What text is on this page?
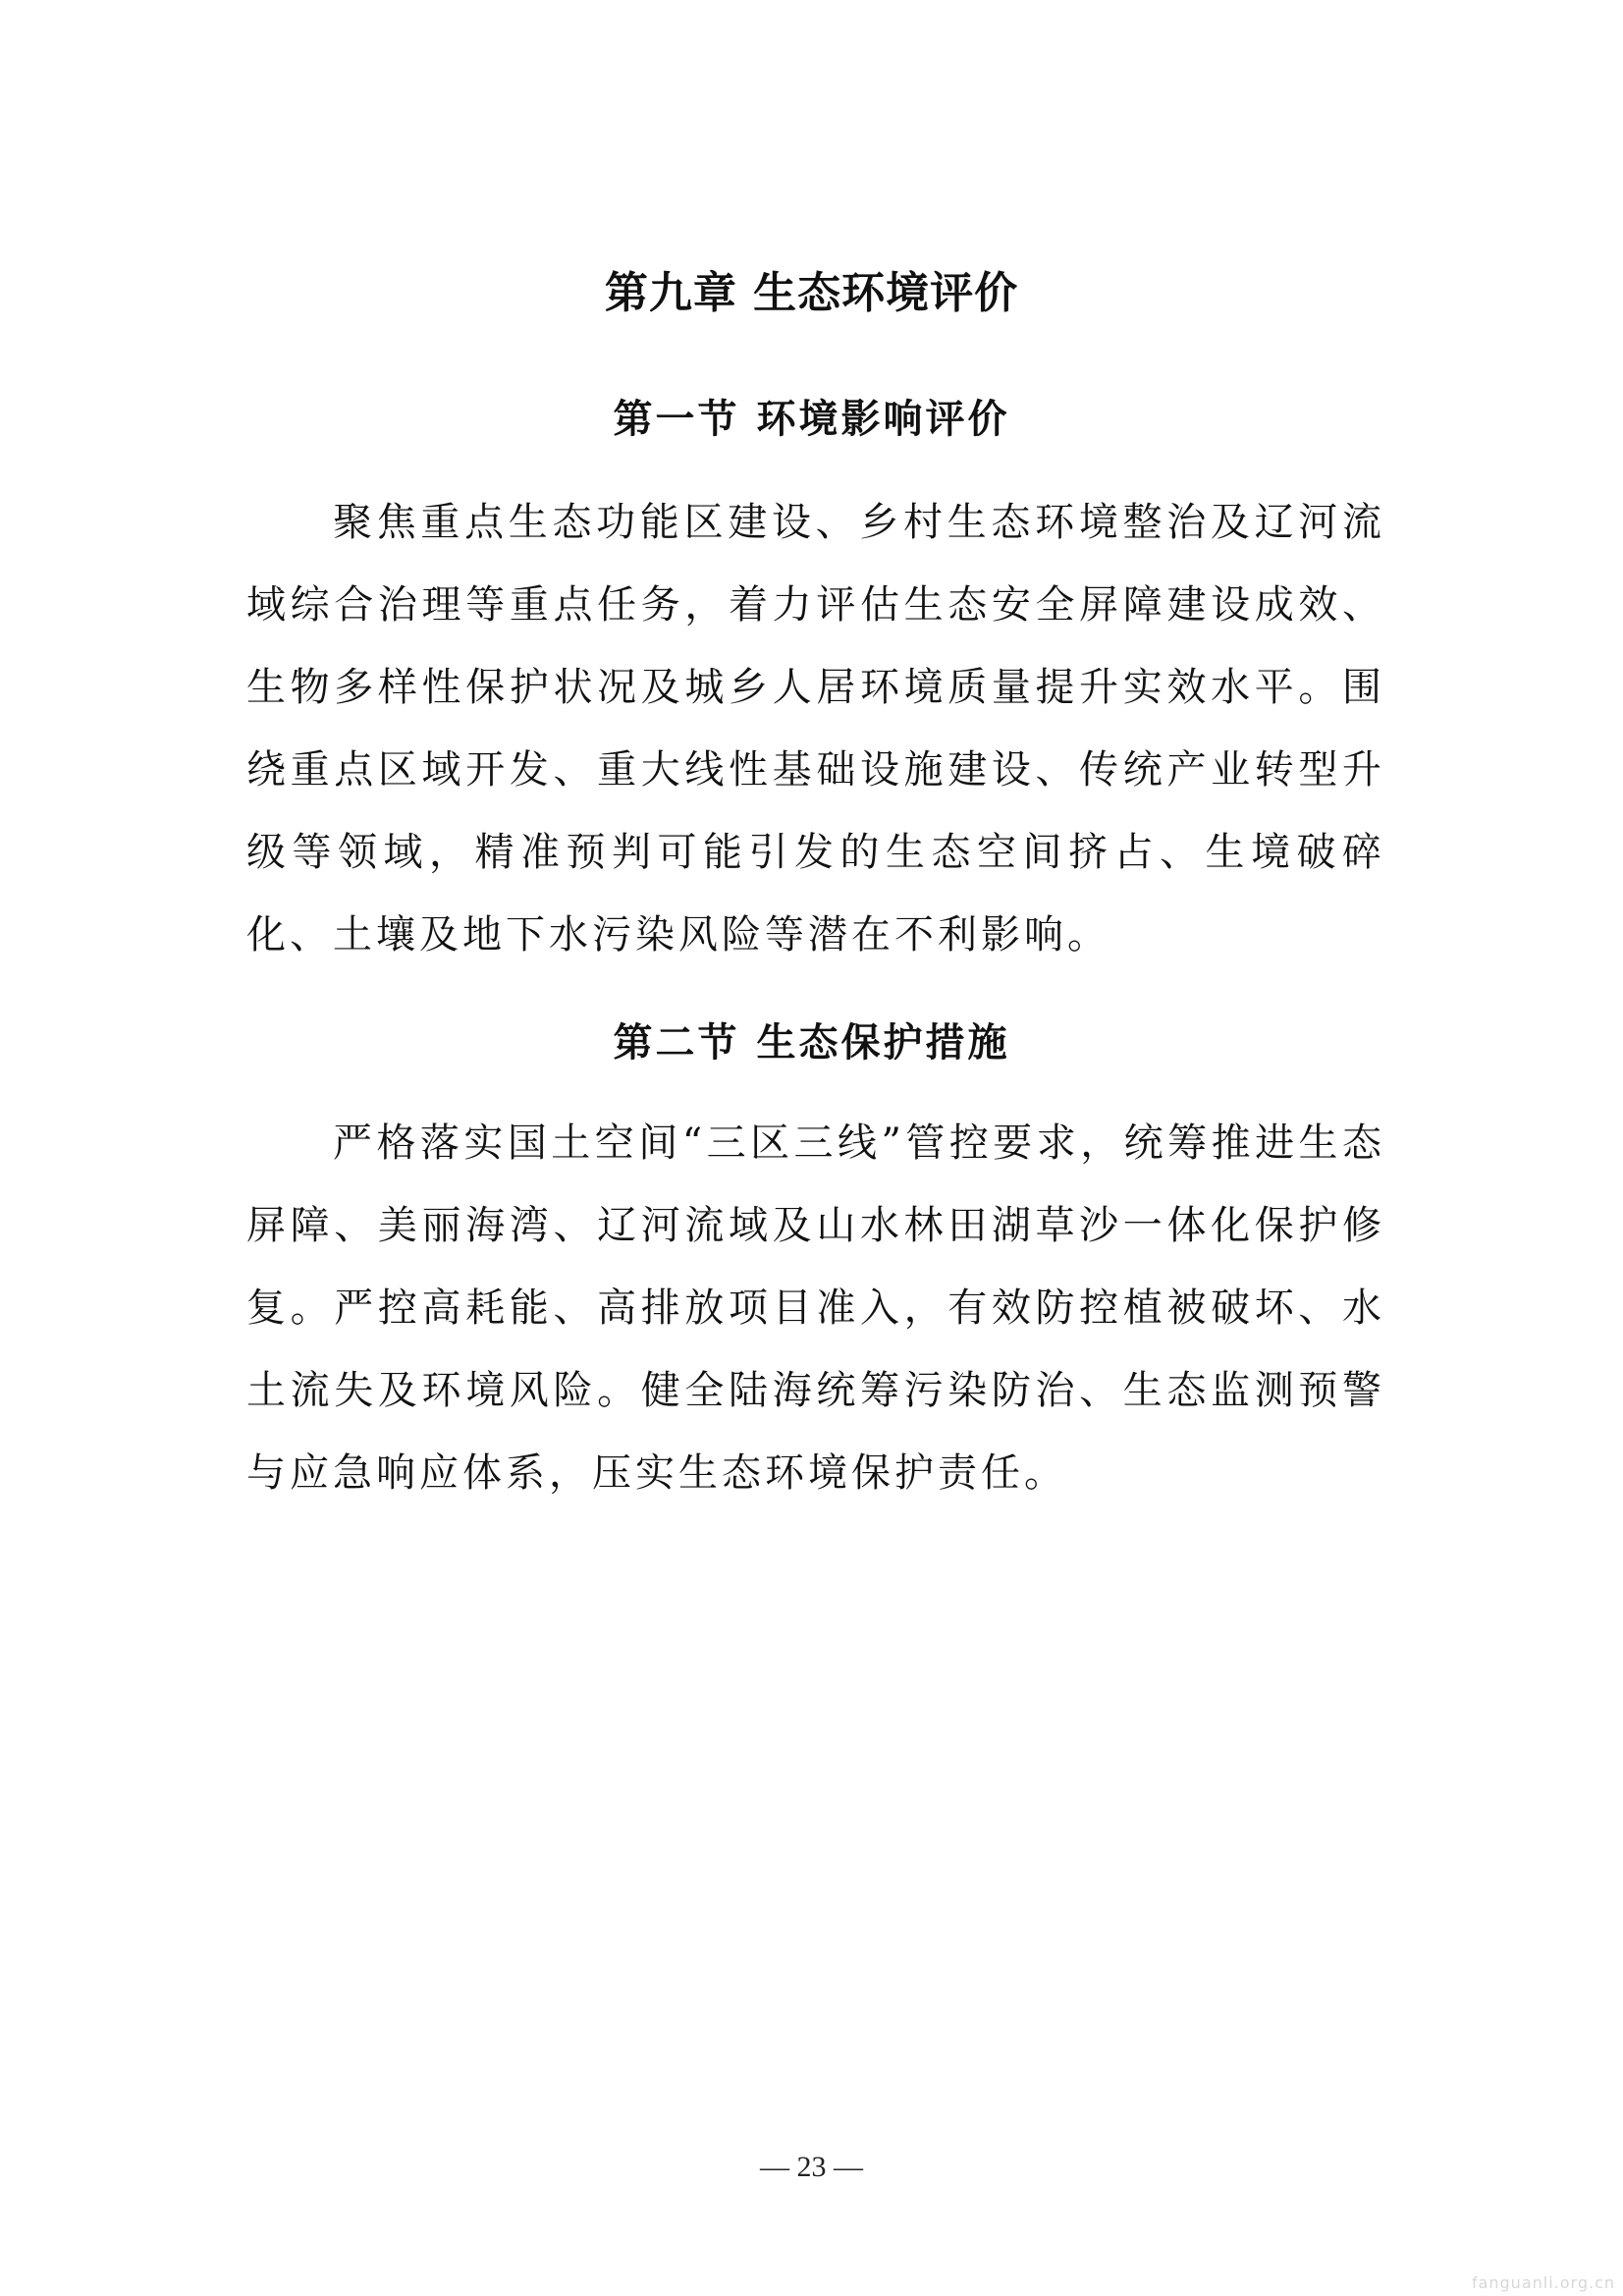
第九章 生态环境评价
第一节 环境影响评价

聚焦重点生态功能区建设、乡村生态环境整治及辽河流域综合治理等重点任务，着力评估生态安全屏障建设成效、生物多样性保护状况及城乡人居环境质量提升实效水平。围绕重点区域开发、重大线性基础设施建设、传统产业转型升级等领域，精准预判可能引发的生态空间挤占、生境破碎化、土壤及地下水污染风险等潜在不利影响。

第二节 生态保护措施

严格落实国土空间“三区三线”管控要求，统筹推进生态屏障、美丽海湾、辽河流域及山水林田湖草沙一体化保护修复。严控高耗能、高排放项目准入，有效防控植被破坏、水土流失及环境风险。健全陆海统筹污染防治、生态监测预警与应急响应体系，压实生态环境保护责任。

— 23 —
fanguanli.org.cn
